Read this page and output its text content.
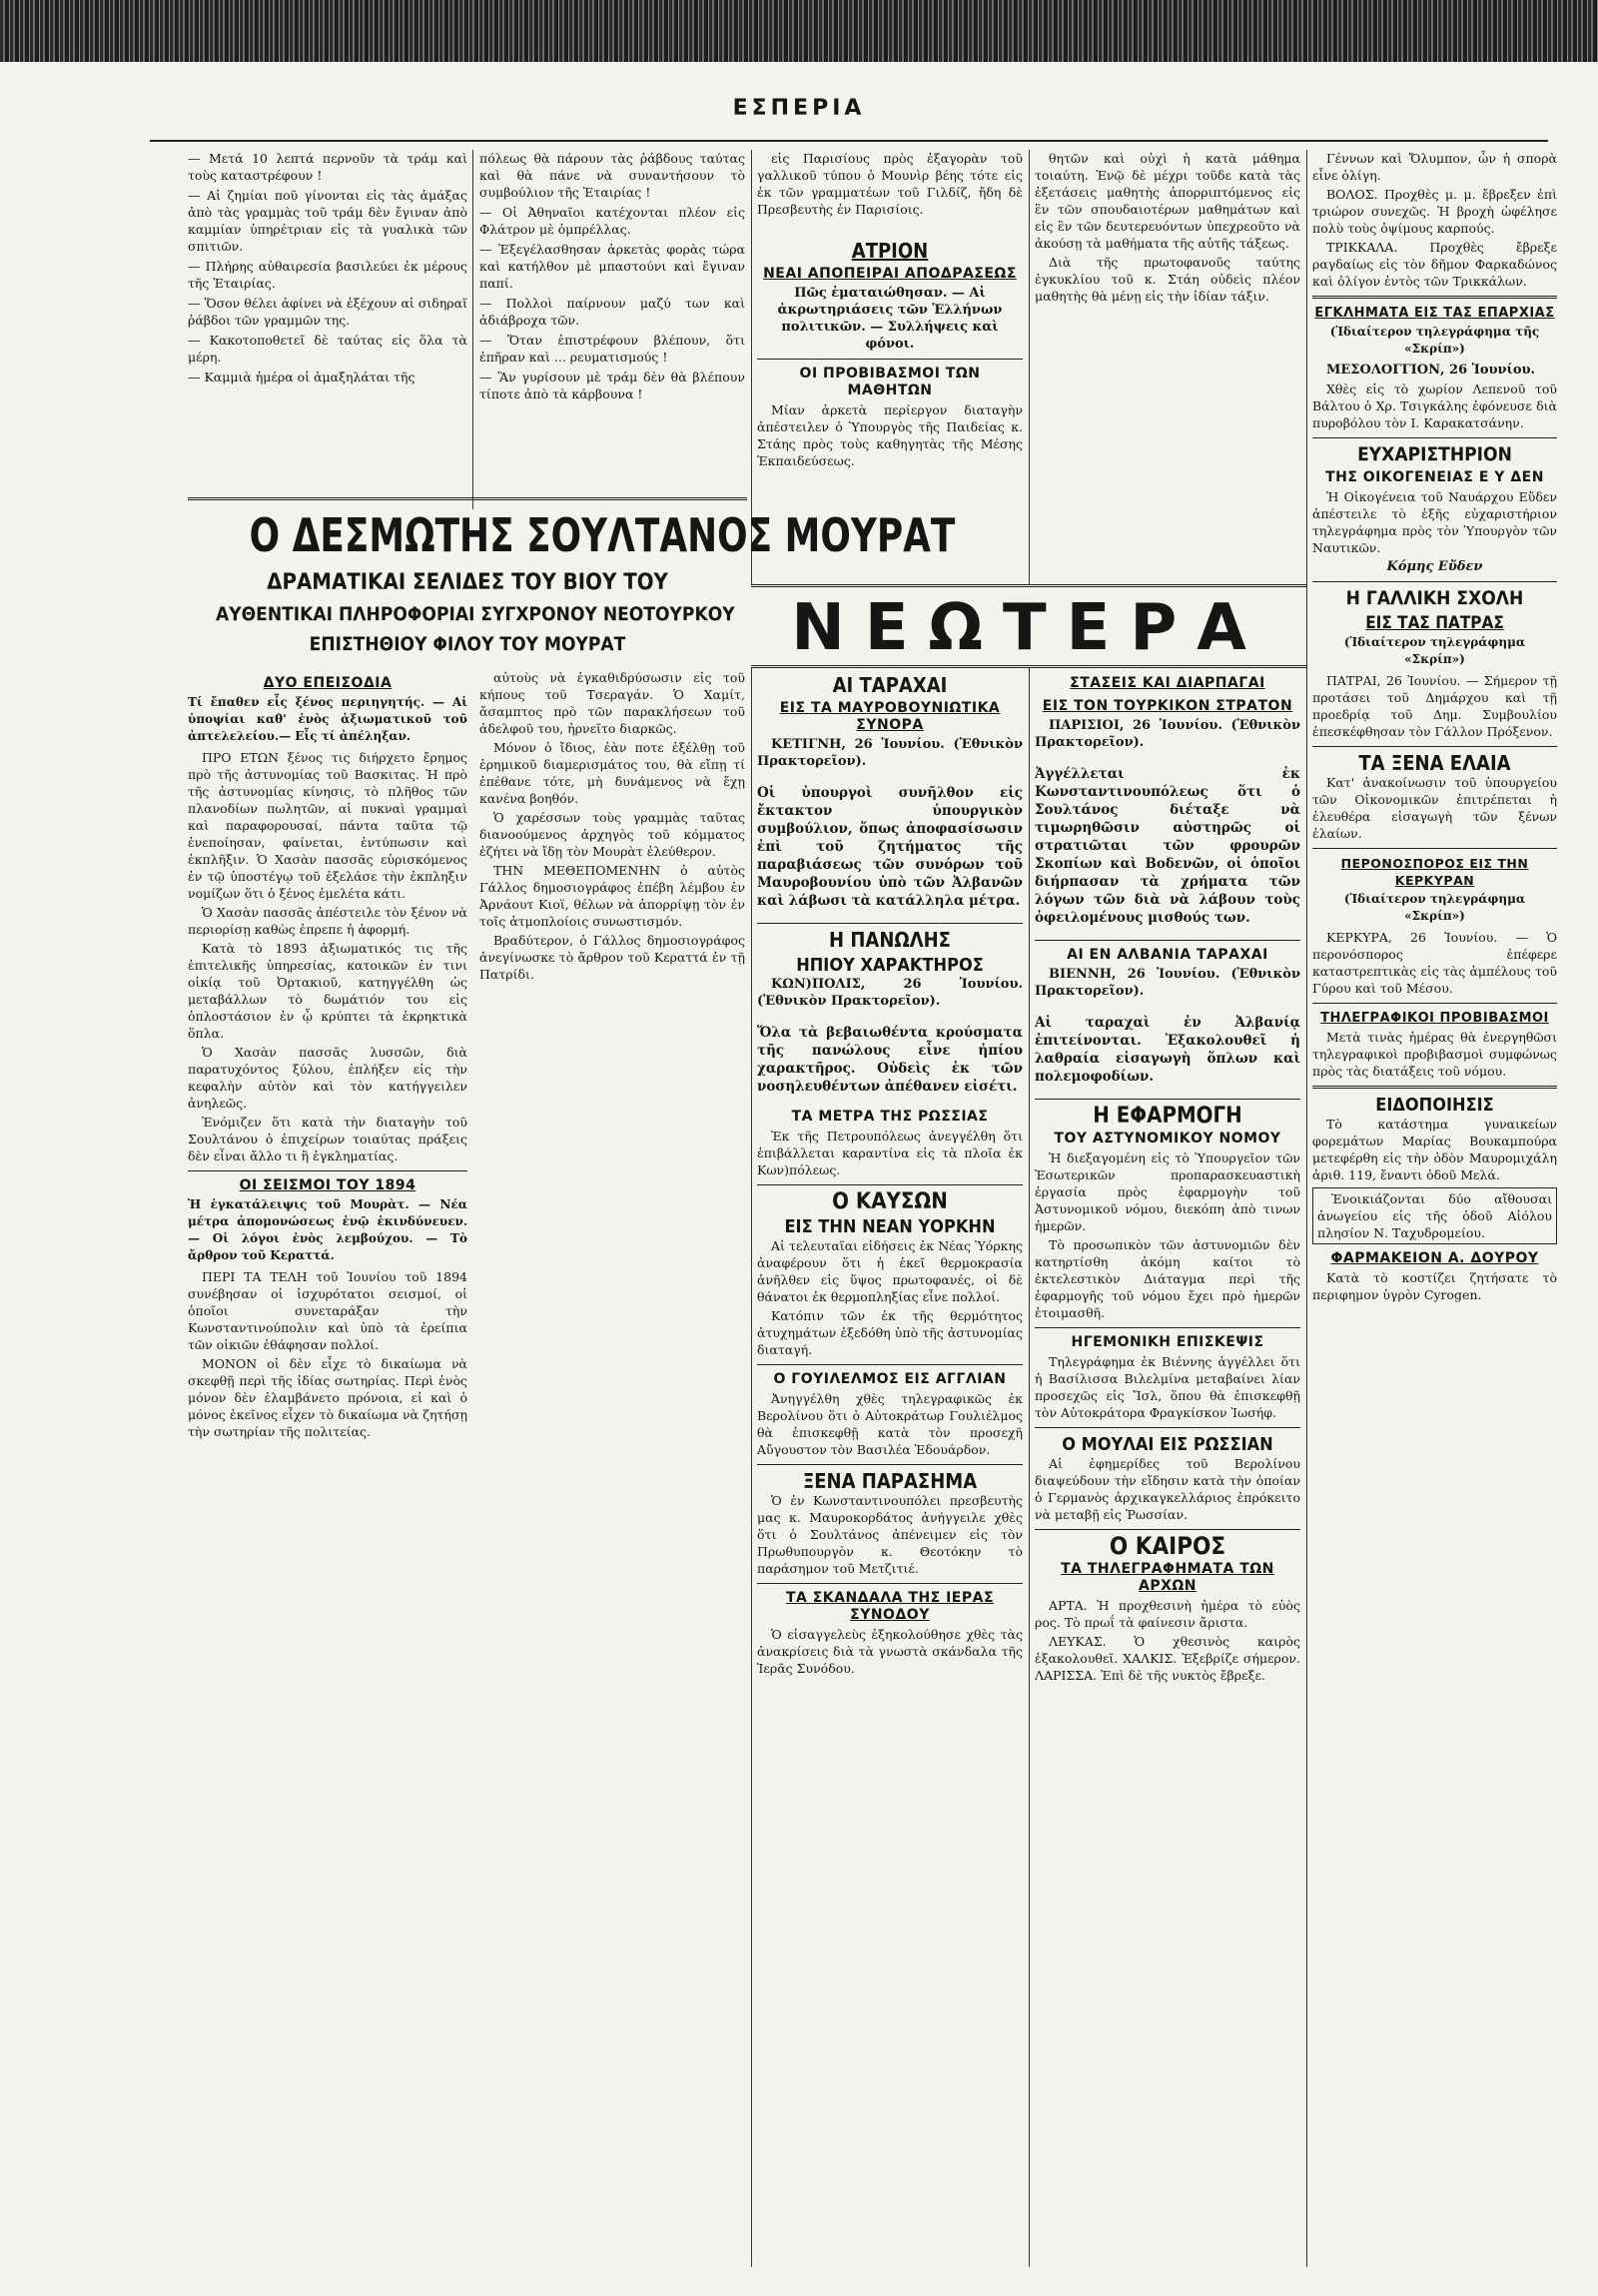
ΕΣΠΕΡΙΑ

— Μετά 10 λεπτά περνοῦν τὰ τράμ καὶ τοὺς καταστρέφουν !

— Αἱ ζημίαι ποῦ γίνονται εἰς τὰς ἁμάξας ἀπὸ τὰς γραμμὰς τοῦ τράμ δὲν ἔγιναν ἀπὸ καμμίαν ὑπηρέτριαν εἰς τὰ γυαλικὰ τῶν σπιτιῶν.

— Πλήρης αὐθαιρεσία βασιλεύει ἐκ μέρους τῆς Ἑταιρίας.

— Ὅσον θέλει ἀφίνει νὰ ἐξέχουν αἱ σιδηραῖ ῥάβδοι τῶν γραμμῶν της.

— Κακοτοποθετεῖ δὲ ταύτας εἰς ὅλα τὰ μέρη.

— Καμμιὰ ἡμέρα οἱ ἀμαξηλάται τῆς

πόλεως θὰ πάρουν τὰς ῥάβδους ταύτας καὶ θὰ πάνε νὰ συναντήσουν τὸ συμβούλιον τῆς Ἑταιρίας !

— Οἱ Ἀθηναῖοι κατέχονται πλέον εἰς Φλάτρον μὲ ὀμπρέλλας.

— Ἐξεγέλασθησαν ἀρκετὰς φορὰς τώρα καὶ κατήλθον μὲ μπαστούνι καὶ ἔγιναν παπί.

— Πολλοὶ παίρνουν μαζύ των καὶ ἀδιάβροχα τῶν.

— Ὅταν ἐπιστρέφουν βλέπουν, ὅτι ἐπῆραν καὶ ... ρευματισμούς !

— Ἂν γυρίσουν μὲ τράμ δὲν θὰ βλέπουν τίποτε ἀπὸ τὰ κάρβουνα !

Ο ΔΕΣΜΩΤΗΣ ΣΟΥΛΤΑΝΟΣ ΜΟΥΡΑΤ
ΔΡΑΜΑΤΙΚΑΙ ΣΕΛΙΔΕΣ ΤΟΥ ΒΙΟΥ ΤΟΥ
ΑΥΘΕΝΤΙΚΑΙ ΠΛΗΡΟΦΟΡΙΑΙ ΣΥΓΧΡΟΝΟΥ ΝΕΟΤΟΥΡΚΟΥ
ΕΠΙΣΤΗΘΙΟΥ ΦΙΛΟΥ ΤΟΥ ΜΟΥΡΑΤ
ΔΥΟ ΕΠΕΙΣΟΔΙΑ

Τί ἔπαθεν εἷς ξένος περιηγητής. — Αἱ ὑποψίαι καθ' ἑνὸς ἀξιωματικοῦ τοῦ ἀπτελελείου.— Εἷς τί ἀπέληξαν.

ΠΡΟ ΕΤΩΝ ξένος τις διήρχετο ἔρημος πρὸ τῆς ἀστυνομίας τοῦ Βασκιτας. Ἡ πρὸ τῆς ἀστυνομίας κίνησις, τὸ πλῆθος τῶν πλανοδίων πωλητῶν, αἱ πυκναὶ γραμμαὶ καὶ παραφορουσαί, πάντα ταῦτα τῷ ἐνεποίησαν, φαίνεται, ἐντύπωσιν καὶ ἐκπλῆξιν. Ὁ Χασὰν πασσᾶς εὑρισκόμενος ἐν τῷ ὑποστέγῳ τοῦ ἐξελάσε τὴν ἐκπληξιν νομίζων ὅτι ὁ ξένος ἐμελέτα κάτι.

Ὁ Χασὰν πασσᾶς ἀπέστειλε τὸν ξένον νὰ περιορίσῃ καθὼς ἐπρεπε ἡ ἀφορμή.

Κατὰ τὸ 1893 ἀξιωματικός τις τῆς ἐπιτελικῆς ὑπηρεσίας, κατοικῶν ἐν τινι οἰκίᾳ τοῦ Ὀρτακιοῦ, κατηγγέλθη ὡς μεταβάλλων τὸ δωμάτιόν του εἰς ὁπλοστάσιον ἐν ᾧ κρύπτει τὰ ἐκρηκτικὰ ὅπλα.

Ὁ Χασὰν πασσᾶς λυσσῶν, διὰ παρατυχόντος ξύλου, ἐπλήξεν εἰς τὴν κεφαλὴν αὐτὸν καὶ τὸν κατήγγειλεν ἀνηλεῶς.

Ἐνόμιζεν ὅτι κατὰ τὴν διαταγὴν τοῦ Σουλτάνου ὁ ἐπιχείρων τοιαύτας πράξεις δὲν εἶναι ἄλλο τι ἢ ἐγκληματίας.

ΟΙ ΣΕΙΣΜΟΙ ΤΟΥ 1894

Ἡ ἐγκατάλειψις τοῦ Μουρὰτ. — Νέα μέτρα ἀπομονώσεως ἐνῷ ἐκινδύνευεν. — Οἱ λόγοι ἐνὸς λεμβούχου. — Τὸ ἄρθρον τοῦ Κεραττά.

ΠΕΡΙ ΤΑ ΤΕΛΗ τοῦ Ἰουνίου τοῦ 1894 συνέβησαν οἱ ἰσχυρότατοι σεισμοί, οἱ ὁποῖοι συνεταράξαν τὴν Κωνσταντινούπολιν καὶ ὑπὸ τὰ ἐρείπια τῶν οἰκιῶν ἐθάφησαν πολλοί.

ΜΟΝΟΝ οἱ δὲν εἶχε τὸ δικαίωμα νὰ σκεφθῇ περὶ τῆς ἰδίας σωτηρίας. Περὶ ἐνὸς μόνον δὲν ἐλαμβάνετο πρόνοια, εἰ καὶ ὁ μόνος ἐκεῖνος εἶχεν τὸ δικαίωμα νὰ ζητήσῃ τὴν σωτηρίαν τῆς πολιτείας.

αὐτοὺς νὰ ἐγκαθιδρύσωσιν εἰς τοῦ κήπους τοῦ Τσεραγάν. Ὁ Χαμίτ, ἄσαμπτος πρὸ τῶν παρακλήσεων τοῦ ἀδελφοῦ του, ἠρνεῖτο διαρκῶς.

Μόνον ὁ ἴδιος, ἐὰν ποτε ἐξέλθῃ τοῦ ἐρημικοῦ διαμερισμάτος του, θὰ εἴπῃ τί ἐπέθανε τότε, μὴ δυνάμενος νὰ ἔχῃ κανένα βοηθόν.

Ὁ χαρέσσων τοὺς γραμμὰς ταῦτας διανοούμενος ἀρχηγὸς τοῦ κόμματος ἐζήτει νὰ ἴδῃ τὸν Μουρὰτ ἐλεύθερον.

ΤΗΝ ΜΕΘΕΠΟΜΕΝΗΝ ὁ αὐτὸς Γάλλος δημοσιογράφος ἐπέβη λέμβου ἐν Ἀρνάουτ Κιοϊ, θέλων νὰ ἀπορρίψῃ τὸν ἐν τοῖς ἀτμοπλοίοις συνωστισμόν.

Βραδύτερον, ὁ Γάλλος δημοσιογράφος ἀνεγίνωσκε τὸ ἄρθρον τοῦ Κεραττά ἐν τῇ Πατρίδι.

εἰς Παρισίους πρὸς ἐξαγορὰν τοῦ γαλλικοῦ τύπου ὁ Μουνὶρ βέης τότε εἰς ἐκ τῶν γραμματέων τοῦ Γιλδίζ, ἤδη δὲ Πρεσβευτὴς ἐν Παρισίοις.

ΑΤΡΙΟΝ
ΝΕΑΙ ΑΠΟΠΕΙΡΑΙ ΑΠΟΔΡΑΣΕΩΣ

Πῶς ἐματαιώθησαν. — Αἱ ἀκρωτηριάσεις τῶν Ἑλλήνων πολιτικῶν. — Συλλήψεις καὶ φόνοι.

ΟΙ ΠΡΟΒΙΒΑΣΜΟΙ ΤΩΝ ΜΑΘΗΤΩΝ

Μίαν ἀρκετὰ περίεργον διαταγὴν ἀπέστειλεν ὁ Ὑπουργὸς τῆς Παιδείας κ. Στάης πρὸς τοὺς καθηγητὰς τῆς Μέσης Ἐκπαιδεύσεως.

θητῶν καὶ οὐχὶ ἡ κατὰ μάθημα τοιαύτη. Ἐνῷ δὲ μέχρι τοῦδε κατὰ τὰς ἐξετάσεις μαθητὴς ἀπορριπτόμενος εἰς ἓν τῶν σπουδαιοτέρων μαθημάτων καὶ εἰς ἓν τῶν δευτερευόντων ὑπεχρεοῦτο νὰ ἀκούσῃ τὰ μαθήματα τῆς αὐτῆς τάξεως.

Διὰ τῆς πρωτοφανοῦς ταύτης ἐγκυκλίου τοῦ κ. Στάη οὐδεὶς πλέον μαθητὴς θὰ μένῃ εἰς τὴν ἰδίαν τάξιν.

ΝΕΩΤΕΡΑ
ΑΙ ΤΑΡΑΧΑΙ
ΕΙΣ ΤΑ ΜΑΥΡΟΒΟΥΝΙΩΤΙΚΑ ΣΥΝΟΡΑ

ΚΕΤΙΓΝΗ, 26 Ἰουνίου. (Ἐθνικὸν Πρακτορεῖον).

Οἱ ὑπουργοὶ συνῆλθον εἰς ἔκτακτον ὑπουργικὸν συμβούλιον, ὅπως ἀποφασίσωσιν ἐπὶ τοῦ ζητήματος τῆς παραβιάσεως τῶν συνόρων τοῦ Μαυροβουνίου ὑπὸ τῶν Ἀλβανῶν καὶ λάβωσι τὰ κατάλληλα μέτρα.

Η ΠΑΝΩΛΗΣ
ΗΠΙΟΥ ΧΑΡΑΚΤΗΡΟΣ

ΚΩΝ)ΠΟΛΙΣ, 26 Ἰουνίου. (Ἐθνικὸν Πρακτορεῖον).

Ὅλα τὰ βεβαιωθέντα κρούσματα τῆς πανώλους εἶνε ἠπίου χαρακτῆρος. Οὐδεὶς ἐκ τῶν νοσηλευθέντων ἀπέθανεν εἰσέτι.

ΤΑ ΜΕΤΡΑ ΤΗΣ ΡΩΣΣΙΑΣ

Ἐκ τῆς Πετρουπόλεως ἀνεγγέλθη ὅτι ἐπιβάλλεται καραντίνα εἰς τὰ πλοῖα ἐκ Κων)πόλεως.

Ο ΚΑΥΣΩΝ
ΕΙΣ ΤΗΝ ΝΕΑΝ ΥΟΡΚΗΝ

Αἱ τελευταῖαι εἰδήσεις ἐκ Νέας Ὑόρκης ἀναφέρουν ὅτι ἡ ἐκεῖ θερμοκρασία ἀνῆλθεν εἰς ὕψος πρωτοφανές, οἱ δὲ θάνατοι ἐκ θερμοπληξίας εἶνε πολλοί.

Κατόπιν τῶν ἐκ τῆς θερμότητος ἀτυχημάτων ἐξεδόθη ὑπὸ τῆς ἀστυνομίας διαταγή.

Ο ΓΟΥΙΛΕΛΜΟΣ ΕΙΣ ΑΓΓΛΙΑΝ

Ἀνηγγέλθη χθὲς τηλεγραφικῶς ἐκ Βερολίνου ὅτι ὁ Αὐτοκράτωρ Γουλιέλμος θὰ ἐπισκεφθῇ κατὰ τὸν προσεχῆ Αὔγουστον τὸν Βασιλέα Ἐδουάρδον.

ΞΕΝΑ ΠΑΡΑΣΗΜΑ

Ὁ ἐν Κωνσταντινουπόλει πρεσβευτὴς μας κ. Μαυροκορδάτος ἀνήγγειλε χθὲς ὅτι ὁ Σουλτάνος ἀπένειμεν εἰς τὸν Πρωθυπουργὸν κ. Θεοτόκην τὸ παράσημον τοῦ Μετζιτιέ.

ΤΑ ΣΚΑΝΔΑΛΑ ΤΗΣ ΙΕΡΑΣ ΣΥΝΟΔΟΥ

Ὁ εἰσαγγελεὺς ἐξηκολούθησε χθὲς τὰς ἀνακρίσεις διὰ τὰ γνωστὰ σκάνδαλα τῆς Ἱερᾶς Συνόδου.

ΣΤΑΣΕΙΣ ΚΑΙ ΔΙΑΡΠΑΓΑΙ
ΕΙΣ ΤΟΝ ΤΟΥΡΚΙΚΟΝ ΣΤΡΑΤΟΝ

ΠΑΡΙΣΙΟΙ, 26 Ἰουνίου. (Ἐθνικὸν Πρακτορεῖον).

Ἀγγέλλεται ἐκ Κωνσταντινουπόλεως ὅτι ὁ Σουλτάνος διέταξε νὰ τιμωρηθῶσιν αὐστηρῶς οἱ στρατιῶται τῶν φρουρῶν Σκοπίων καὶ Βοδενῶν, οἱ ὁποῖοι διήρπασαν τὰ χρήματα τῶν λόγων τῶν διὰ νὰ λάβουν τοὺς ὀφειλομένους μισθούς των.

ΑΙ ΕΝ ΑΛΒΑΝΙΑ ΤΑΡΑΧΑΙ

ΒΙΕΝΝΗ, 26 Ἰουνίου. (Ἐθνικὸν Πρακτορεῖον).

Αἱ ταραχαὶ ἐν Ἀλβανίᾳ ἐπιτείνονται. Ἐξακολουθεῖ ἡ λαθραία εἰσαγωγὴ ὅπλων καὶ πολεμοφοδίων.

Η ΕΦΑΡΜΟΓΗ
ΤΟΥ ΑΣΤΥΝΟΜΙΚΟΥ ΝΟΜΟΥ

Ἡ διεξαγομένη εἰς τὸ Ὑπουργεῖον τῶν Ἐσωτερικῶν προπαρασκευαστικὴ ἐργασία πρὸς ἐφαρμογὴν τοῦ Ἀστυνομικοῦ νόμου, διεκόπη ἀπὸ τινων ἡμερῶν.

Τὸ προσωπικὸν τῶν ἀστυνομιῶν δὲν κατηρτίσθη ἀκόμη καίτοι τὸ ἐκτελεστικὸν Διάταγμα περὶ τῆς ἐφαρμογῆς τοῦ νόμου ἔχει πρὸ ἡμερῶν ἑτοιμασθῆ.

ΗΓΕΜΟΝΙΚΗ ΕΠΙΣΚΕΨΙΣ

Τηλεγράφημα ἐκ Βιέννης ἀγγέλλει ὅτι ἡ Βασίλισσα Βιλελμίνα μεταβαίνει λίαν προσεχῶς εἰς Ἴσλ, ὅπου θὰ ἐπισκεφθῇ τὸν Αὐτοκράτορα Φραγκίσκον Ἰωσήφ.

Ο ΜΟΥΛΑΙ ΕΙΣ ΡΩΣΣΙΑΝ

Αἱ ἐφημερίδες τοῦ Βερολίνου διαψεύδουν τὴν εἴδησιν κατὰ τὴν ὁποίαν ὁ Γερμανὸς ἀρχικαγκελλάριος ἐπρόκειτο νὰ μεταβῇ εἰς Ῥωσσίαν.

Ο ΚΑΙΡΟΣ
ΤΑ ΤΗΛΕΓΡΑΦΗΜΑΤΑ ΤΩΝ ΑΡΧΩΝ

ΑΡΤΑ. Ἡ προχθεσινὴ ἡμέρα τὸ εὐὸς ρος. Τὸ πρωΐ τὰ φαίνεσιν ἄριστα.

ΛΕΥΚΑΣ. Ὁ χθεσινὸς καιρὸς ἐξακολουθεῖ. ΧΑΛΚΙΣ. Ἐξεβρίζε σήμερον. ΛΑΡΙΣΣΑ. Ἐπὶ δὲ τῆς νυκτὸς ἔβρεξε.

Γέννων καὶ Ὄλυμπον, ὧν ἡ σπορὰ εἶνε ὀλίγη.

ΒΟΛΟΣ. Προχθὲς μ. μ. ἔβρεξεν ἐπὶ τριώρον συνεχῶς. Ἡ βροχὴ ὠφέλησε πολὺ τοὺς ὀψίμους καρπούς.

ΤΡΙΚΚΑΛΑ. Προχθὲς ἔβρεξε ραγδαίως εἰς τὸν δῆμον Φαρκαδώνος καὶ ὀλίγον ἐντὸς τῶν Τρικκάλων.

ΕΓΚΛΗΜΑΤΑ ΕΙΣ ΤΑΣ ΕΠΑΡΧΙΑΣ

(Ἰδιαίτερον τηλεγράφημα τῆς «Σκρίπ»)

ΜΕΣΟΛΟΓΓΙΟΝ, 26 Ἰουνίου.

Χθὲς εἰς τὸ χωρίον Λεπενοῦ τοῦ Βάλτου ὁ Χρ. Τσιγκάλης ἐφόνευσε διὰ πυροβόλου τὸν Ι. Καρακατσάνην.

ΕΥΧΑΡΙΣΤΗΡΙΟΝ
ΤΗΣ ΟΙΚΟΓΕΝΕΙΑΣ Ε Υ ΔΕΝ

Ἡ Οἰκογένεια τοῦ Ναυάρχου Εὔδεν ἀπέστειλε τὸ ἑξῆς εὐχαριστήριον τηλεγράφημα πρὸς τὸν Ὑπουργὸν τῶν Ναυτικῶν.

Κόμης Εὔδεν

Η ΓΑΛΛΙΚΗ ΣΧΟΛΗ
ΕΙΣ ΤΑΣ ΠΑΤΡΑΣ

(Ἰδιαίτερον τηλεγράφημα «Σκρίπ»)

ΠΑΤΡΑΙ, 26 Ἰουνίου. — Σήμερον τῇ προτάσει τοῦ Δημάρχου καὶ τῇ προεδρίᾳ τοῦ Δημ. Συμβουλίου ἐπεσκέφθησαν τὸν Γάλλον Πρόξενον.

ΤΑ ΞΕΝΑ ΕΛΑΙΑ

Κατ' ἀνακοίνωσιν τοῦ ὑπουργείου τῶν Οἰκονομικῶν ἐπιτρέπεται ἡ ἐλευθέρα εἰσαγωγὴ τῶν ξένων ἐλαίων.

ΠΕΡΟΝΟΣΠΟΡΟΣ ΕΙΣ ΤΗΝ ΚΕΡΚΥΡΑΝ

(Ἰδιαίτερον τηλεγράφημα «Σκρίπ»)

ΚΕΡΚΥΡΑ, 26 Ἰουνίου. — Ὁ περονόσπορος ἐπέφερε καταστρεπτικὰς εἰς τὰς ἀμπέλους τοῦ Γύρου καὶ τοῦ Μέσου.

ΤΗΛΕΓΡΑΦΙΚΟΙ ΠΡΟΒΙΒΑΣΜΟΙ

Μετὰ τινὰς ἡμέρας θὰ ἐνεργηθῶσι τηλεγραφικοὶ προβιβασμοὶ συμφώνως πρὸς τὰς διατάξεις τοῦ νόμου.

ΕΙΔΟΠΟΙΗΣΙΣ

Τὸ κατάστημα γυναικείων φορεμάτων Μαρίας Βουκαμπούρα μετεφέρθη εἰς τὴν ὁδὸν Μαυρομιχάλη ἀριθ. 119, ἔναντι ὁδοῦ Μελά.

Ἐνοικιάζονται δύο αἴθουσαι ἀνωγείου εἰς τῆς ὁδοῦ Αἰόλου πλησίον Ν. Ταχυδρομείου.

ΦΑΡΜΑΚΕΙΟΝ Α. ΔΟΥΡΟΥ

Κατὰ τὸ κοστίζει ζητήσατε τὸ περιφημον ὑγρὸν Cyrogen.
